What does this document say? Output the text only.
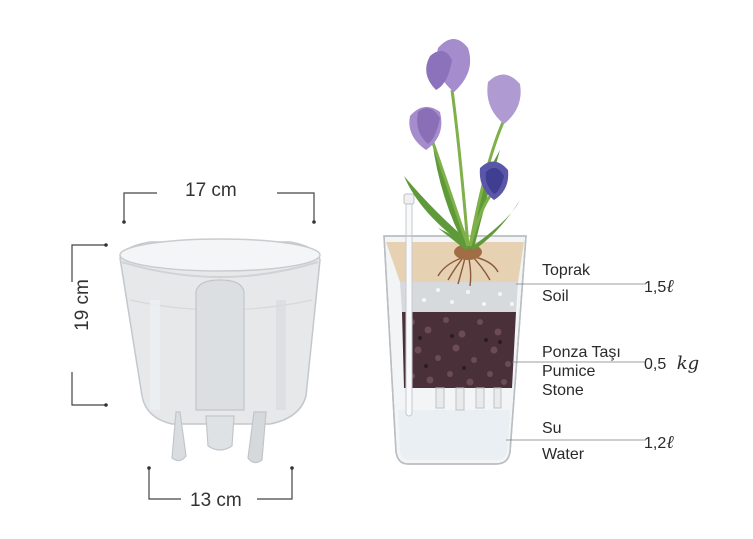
17 cm
19 cm
13 cm
Toprak
Soil
1,5ℓ
Ponza Taşı
Pumice
Stone
0,5 kg
Su
Water
1,2ℓ
